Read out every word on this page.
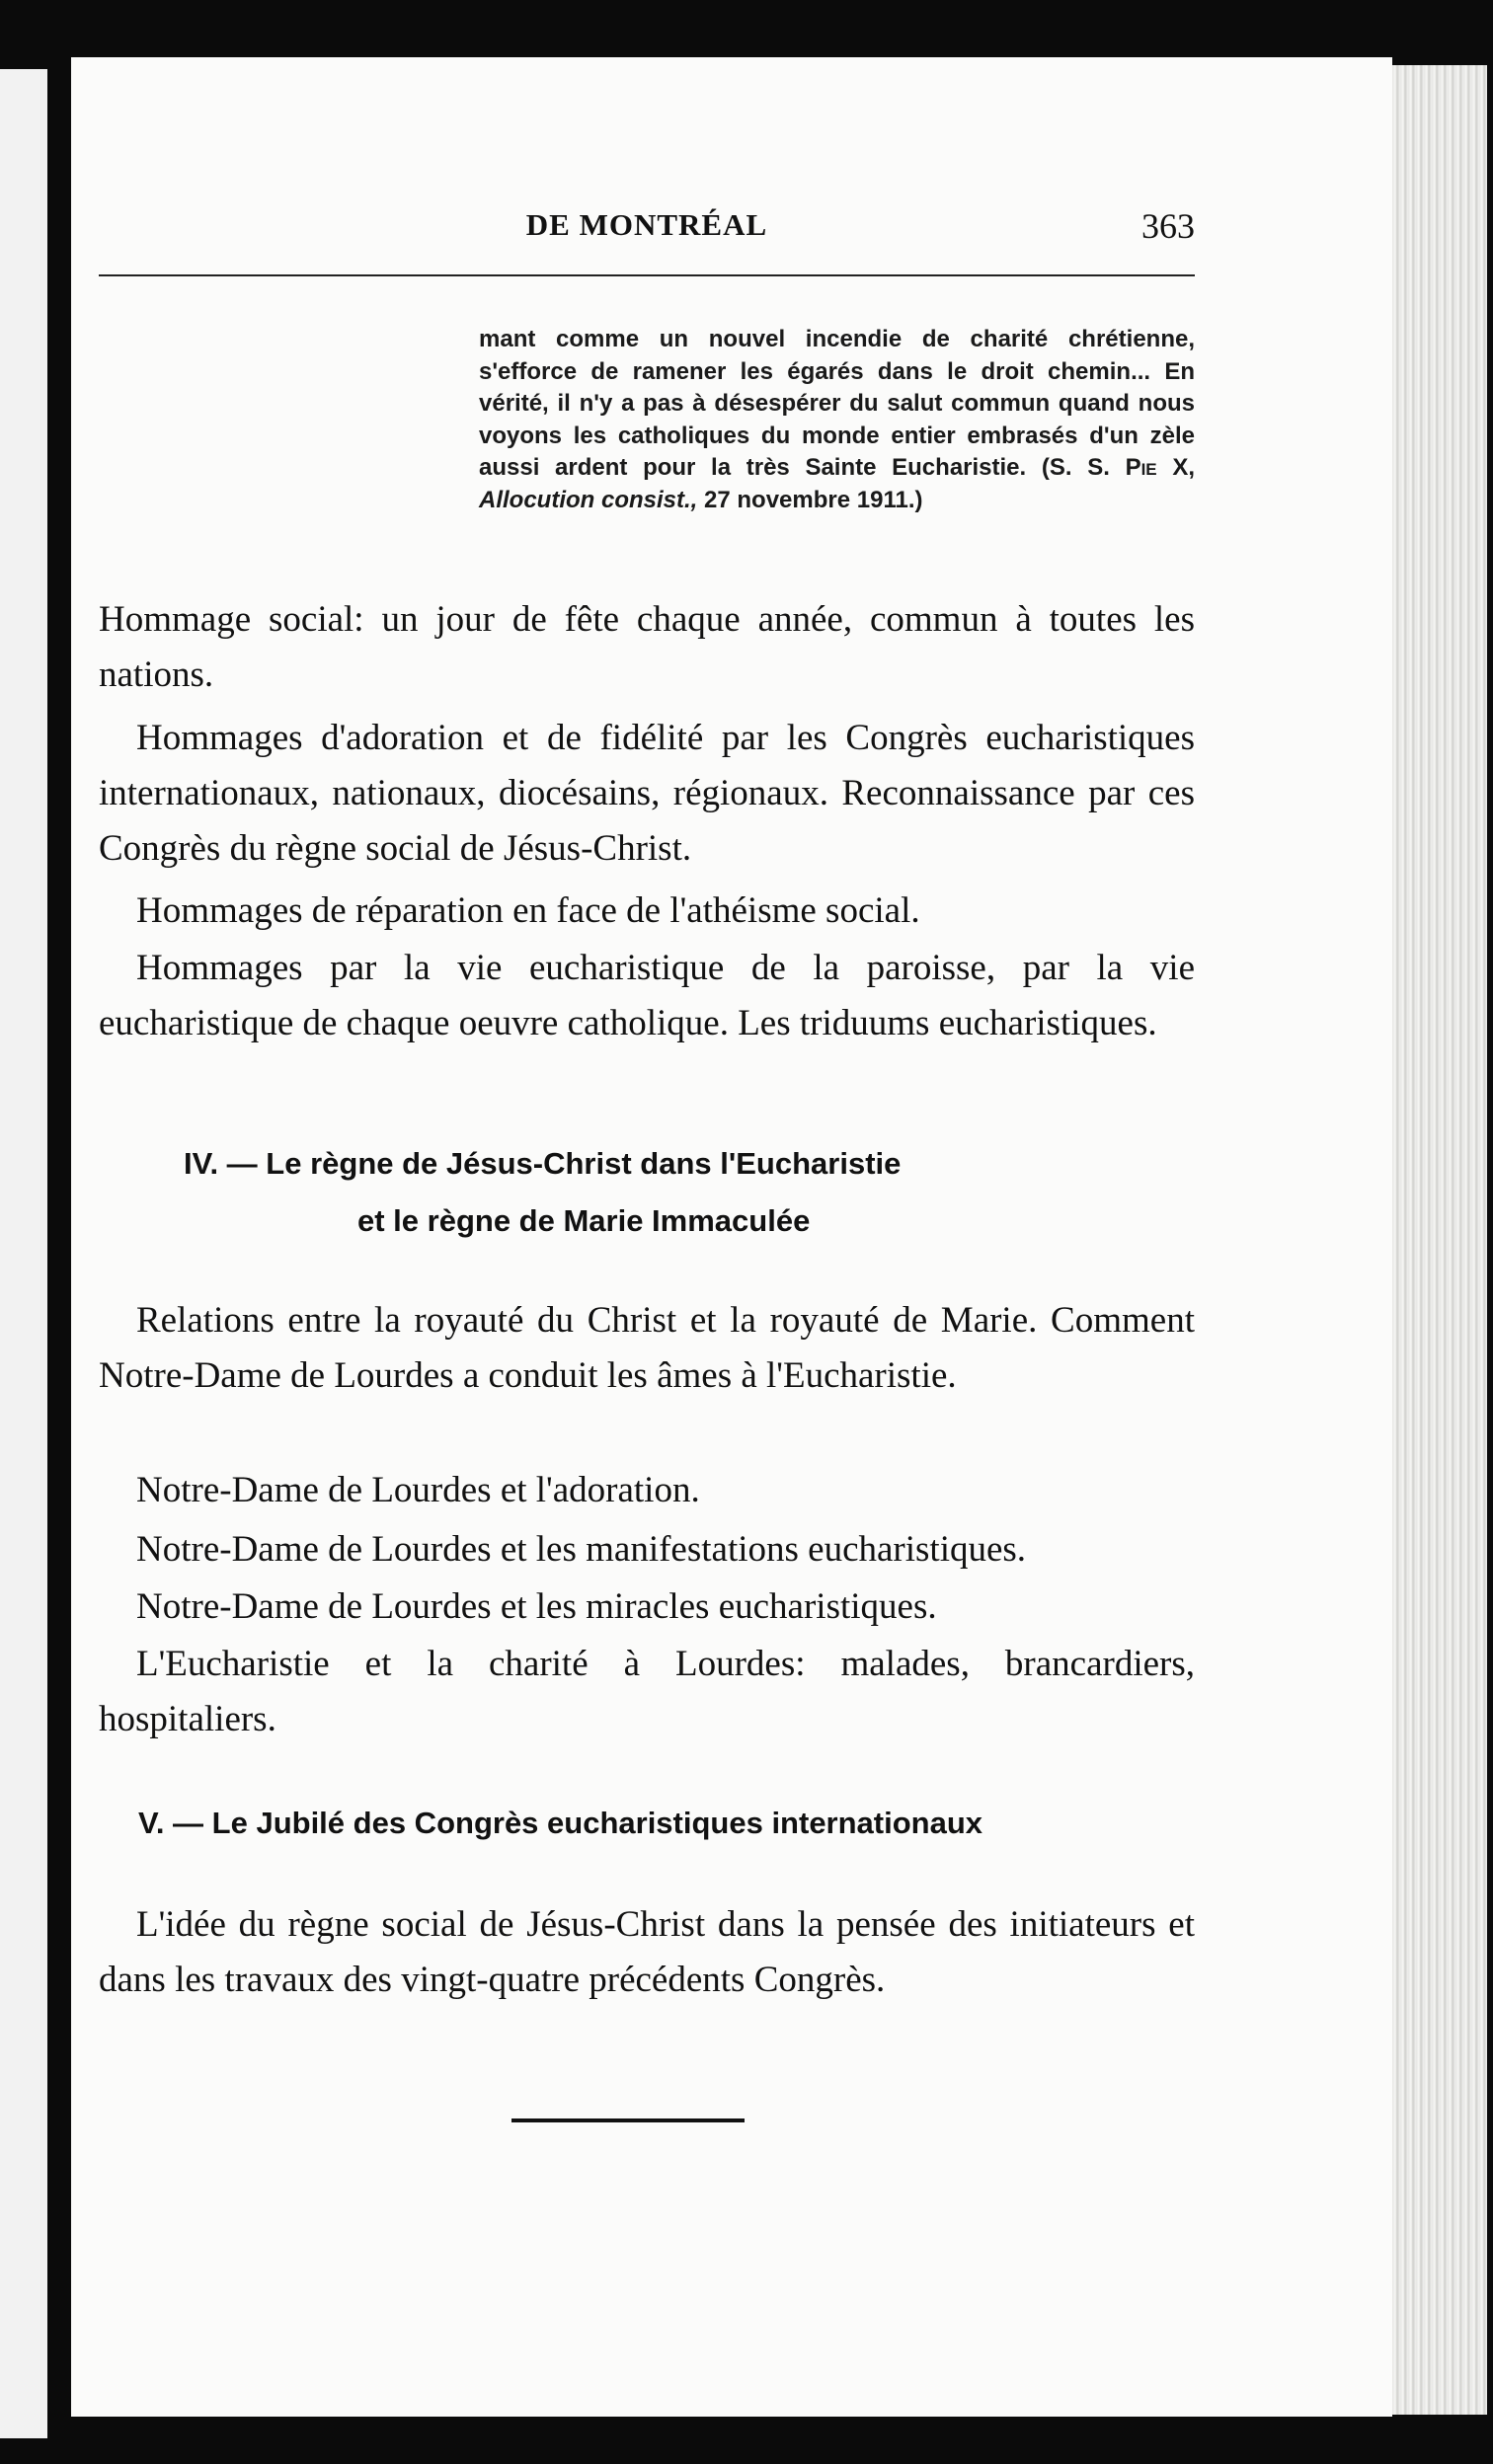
DE MONTRÉAL	363
mant comme un nouvel incendie de charité chrétienne, s'efforce de ramener les égarés dans le droit chemin... En vérité, il n'y a pas à désespérer du salut commun quand nous voyons les catholiques du monde entier embrasés d'un zèle aussi ardent pour la très Sainte Eucharistie. (S. S. Pie X, Allocution consist., 27 novembre 1911.)

Hommage social: un jour de fête chaque année, commun à toutes les nations.

Hommages d'adoration et de fidélité par les Congrès eucharistiques internationaux, nationaux, diocésains, régionaux. Reconnaissance par ces Congrès du règne social de Jésus-Christ.

Hommages de réparation en face de l'athéisme social.

Hommages par la vie eucharistique de la paroisse, par la vie eucharistique de chaque oeuvre catholique. Les triduums eucharistiques.

IV. — Le règne de Jésus-Christ dans l'Eucharistie
et le règne de Marie Immaculée

Relations entre la royauté du Christ et la royauté de Marie. Comment Notre-Dame de Lourdes a conduit les âmes à l'Eucharistie.

Notre-Dame de Lourdes et l'adoration.

Notre-Dame de Lourdes et les manifestations eucharistiques.

Notre-Dame de Lourdes et les miracles eucharistiques.

L'Eucharistie et la charité à Lourdes: malades, brancardiers, hospitaliers.

V. — Le Jubilé des Congrès eucharistiques internationaux

L'idée du règne social de Jésus-Christ dans la pensée des initiateurs et dans les travaux des vingt-quatre précédents Congrès.
